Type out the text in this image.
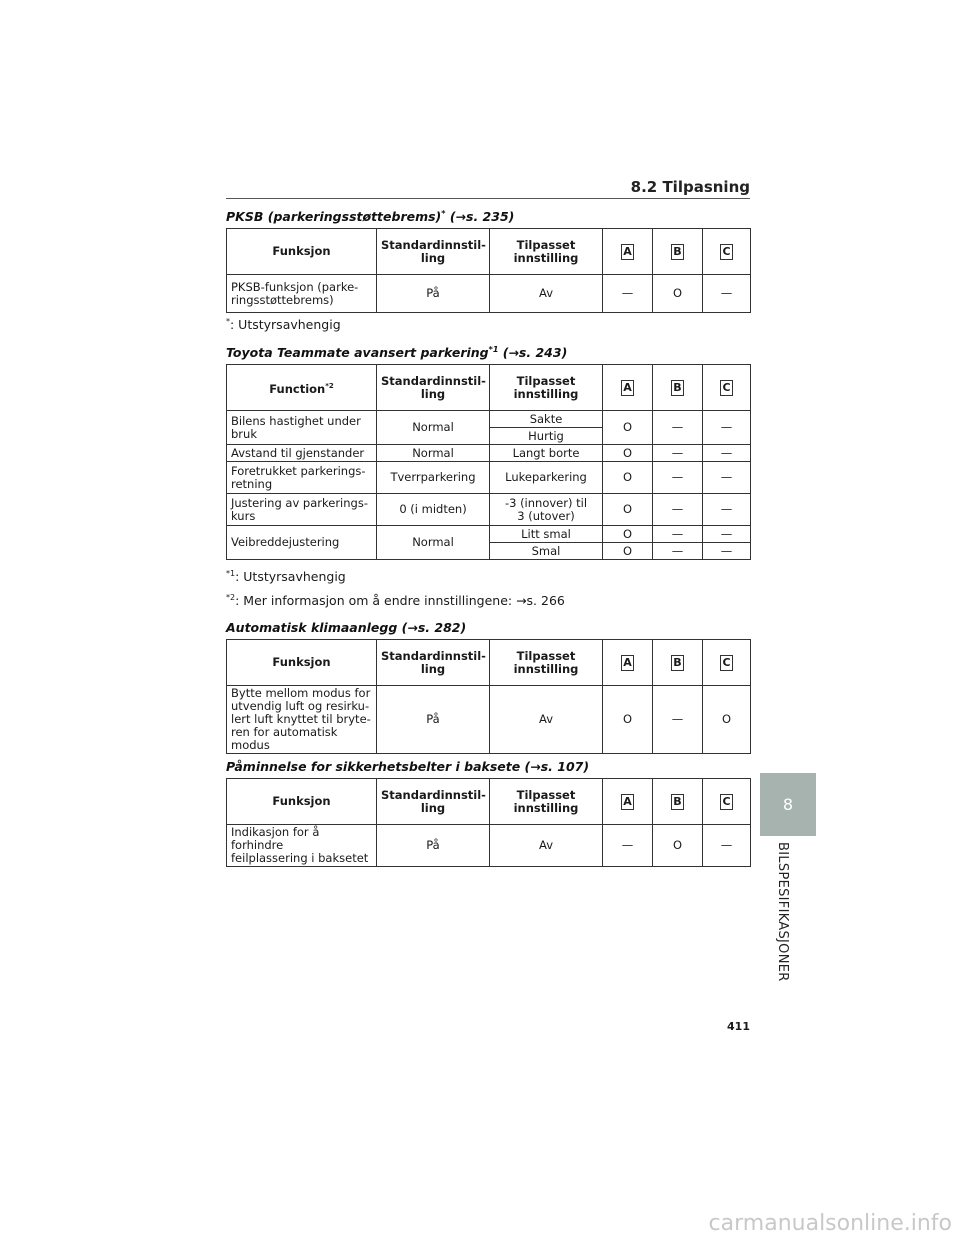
8.2 Tilpasning
PKSB (parkeringsstøttebrems)* (→s. 235)
Funksjon	Standardinnstil-
ling	Tilpasset
innstilling	A	B	C
PKSB-funksjon (parke-
ringsstøttebrems)	På	Av	—	O	—
*: Utstyrsavhengig
Toyota Teammate avansert parkering$^{*1}$ (→s. 243)
Function$^{*2}$	Standardinnstil-
ling	Tilpasset
innstilling	A	B	C
Bilens hastighet under
bruk	Normal	Sakte	O	—	—
		Hurtig			
Avstand til gjenstander	Normal	Langt borte	O	—	—
Foretrukket parkerings-
retning	Tverrparkering	Lukeparkering	O	—	—
Justering av parkerings-
kurs	0 (i midten)	-3 (innover) til
3 (utover)	O	—	—
Veibreddejustering	Normal	Litt smal	O	—	—
		Smal	O	—	—
$^{*1}$: Utstyrsavhengig
$^{*2}$: Mer informasjon om å endre innstillingene: →s. 266
Automatisk klimaanlegg (→s. 282)
Funksjon	Standardinnstil-
ling	Tilpasset
innstilling	A	B	C
Bytte mellom modus for
utvendig luft og resirku-
lert luft knyttet til bryte-
ren for automatisk modus	På	Av	O	—	O
Påminnelse for sikkerhetsbelter i baksete (→s. 107)
Funksjon	Standardinnstil-
ling	Tilpasset
innstilling	A	B	C
Indikasjon for å forhindre
feilplassering i baksetet	På	Av	—	O	—
8
BILSPESIFIKASJONER
411
carmanualsonline.info
